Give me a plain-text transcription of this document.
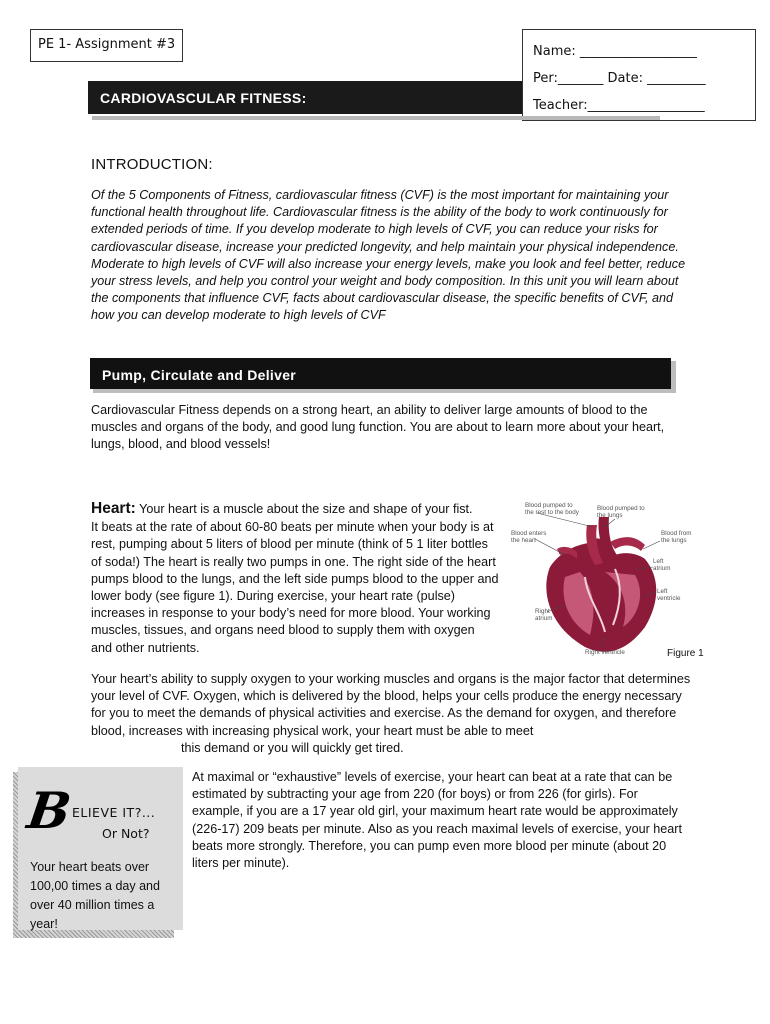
PE 1- Assignment #3	Name: __________________
Per:_______ Date: _________
Teacher:__________________
CARDIOVASCULAR FITNESS:
INTRODUCTION:
Of the 5 Components of Fitness, cardiovascular fitness (CVF) is the most important for maintaining your functional health throughout life. Cardiovascular fitness is the ability of the body to work continuously for extended periods of time. If you develop moderate to high levels of CVF, you can reduce your risks for cardiovascular disease, increase your predicted longevity, and help maintain your physical independence. Moderate to high levels of CVF will also increase your energy levels, make you look and feel better, reduce your stress levels, and help you control your weight and body composition. In this unit you will learn about the components that influence CVF, facts about cardiovascular disease, the specific benefits of CVF, and how you can develop moderate to high levels of CVF
Pump, Circulate and Deliver
Cardiovascular Fitness depends on a strong heart, an ability to deliver large amounts of blood to the muscles and organs of the body, and good lung function. You are about to learn more about your heart, lungs, blood, and blood vessels!
Heart: Your heart is a muscle about the size and shape of your fist.
It beats at the rate of about 60-80 beats per minute when your body is at rest, pumping about 5 liters of blood per minute (think of 5 1 liter bottles of soda!) The heart is really two pumps in one. The right side of the heart pumps blood to the lungs, and the left side pumps blood to the upper and lower body (see figure 1). During exercise, your heart rate (pulse) increases in response to your body’s need for more blood. Your working muscles, tissues, and organs need blood to supply them with oxygen and other nutrients.
Blood pumped to
the rest to the body
Blood pumped to
the lungs
Blood enters
the heart
Blood from
the lungs
Left
atrium
Left
ventricle
Right
atrium
Right ventricle	Figure 1
Your heart’s ability to supply oxygen to your working muscles and organs is the major factor that determines your level of CVF. Oxygen, which is delivered by the blood, helps your cells produce the energy necessary for you to meet the demands of physical activities and exercise. As the demand for oxygen, and therefore blood, increases with increasing physical work, your heart must be able to meet
this demand or you will quickly get tired.
At maximal or “exhaustive” levels of exercise, your heart can beat at a rate that can be estimated by subtracting your age from 220 (for boys) or from 226 (for girls). For example, if you are a 17 year old girl, your maximum heart rate would be approximately (226-17) 209 beats per minute. Also as you reach maximal levels of exercise, your heart beats more strongly. Therefore, you can pump even more blood per minute (about 20 liters per minute).
B
ELIEVE IT?...
Or Not?
Your heart beats over 100,00 times a day and over 40 million times a year!
